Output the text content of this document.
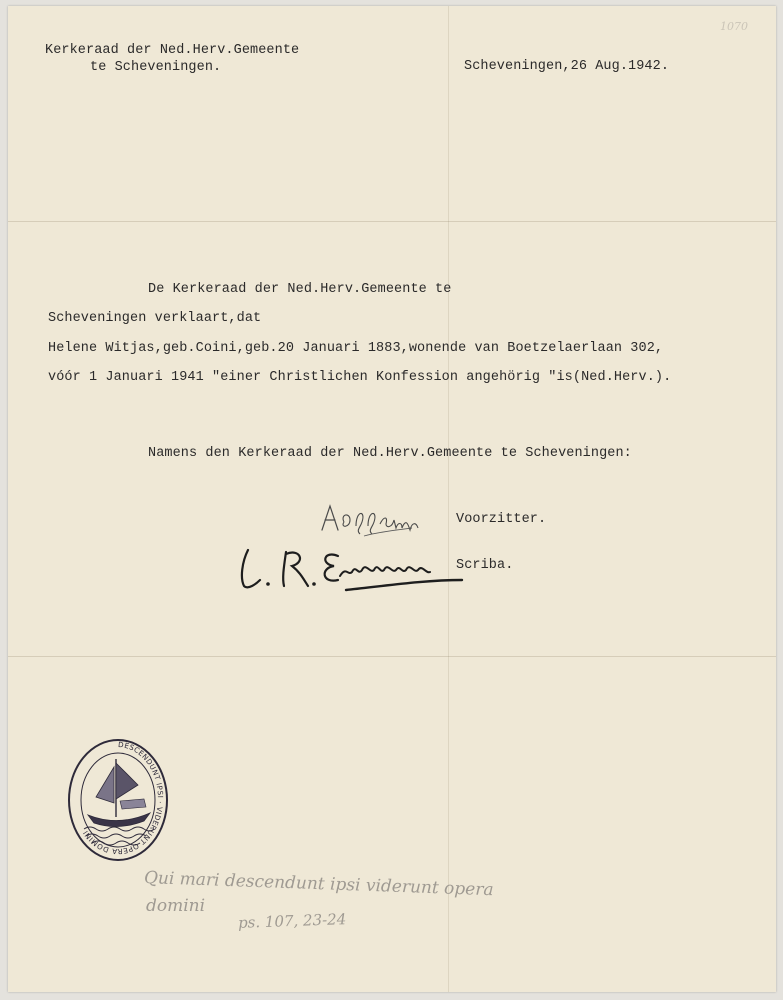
1070
Kerkeraad der Ned.Herv.Gemeente
te Scheveningen.	Scheveningen,26 Aug.1942.
De Kerkeraad der Ned.Herv.Gemeente te
Scheveningen verklaart,dat
Helene Witjas,geb.Coini,geb.20 Januari 1883,wonende van Boetzelaerlaan 302,
vóór 1 Januari 1941 "einer Christlichen Konfession angehörig "is(Ned.Herv.).
Namens den Kerkeraad der Ned.Herv.Gemeente te Scheveningen:
Voorzitter.
Scriba.
DESCENDUNT IPSI · VIDERUNT OPERA DOMINI
Qui mari descendunt ipsi viderunt opera
domini
ps. 107, 23-24
